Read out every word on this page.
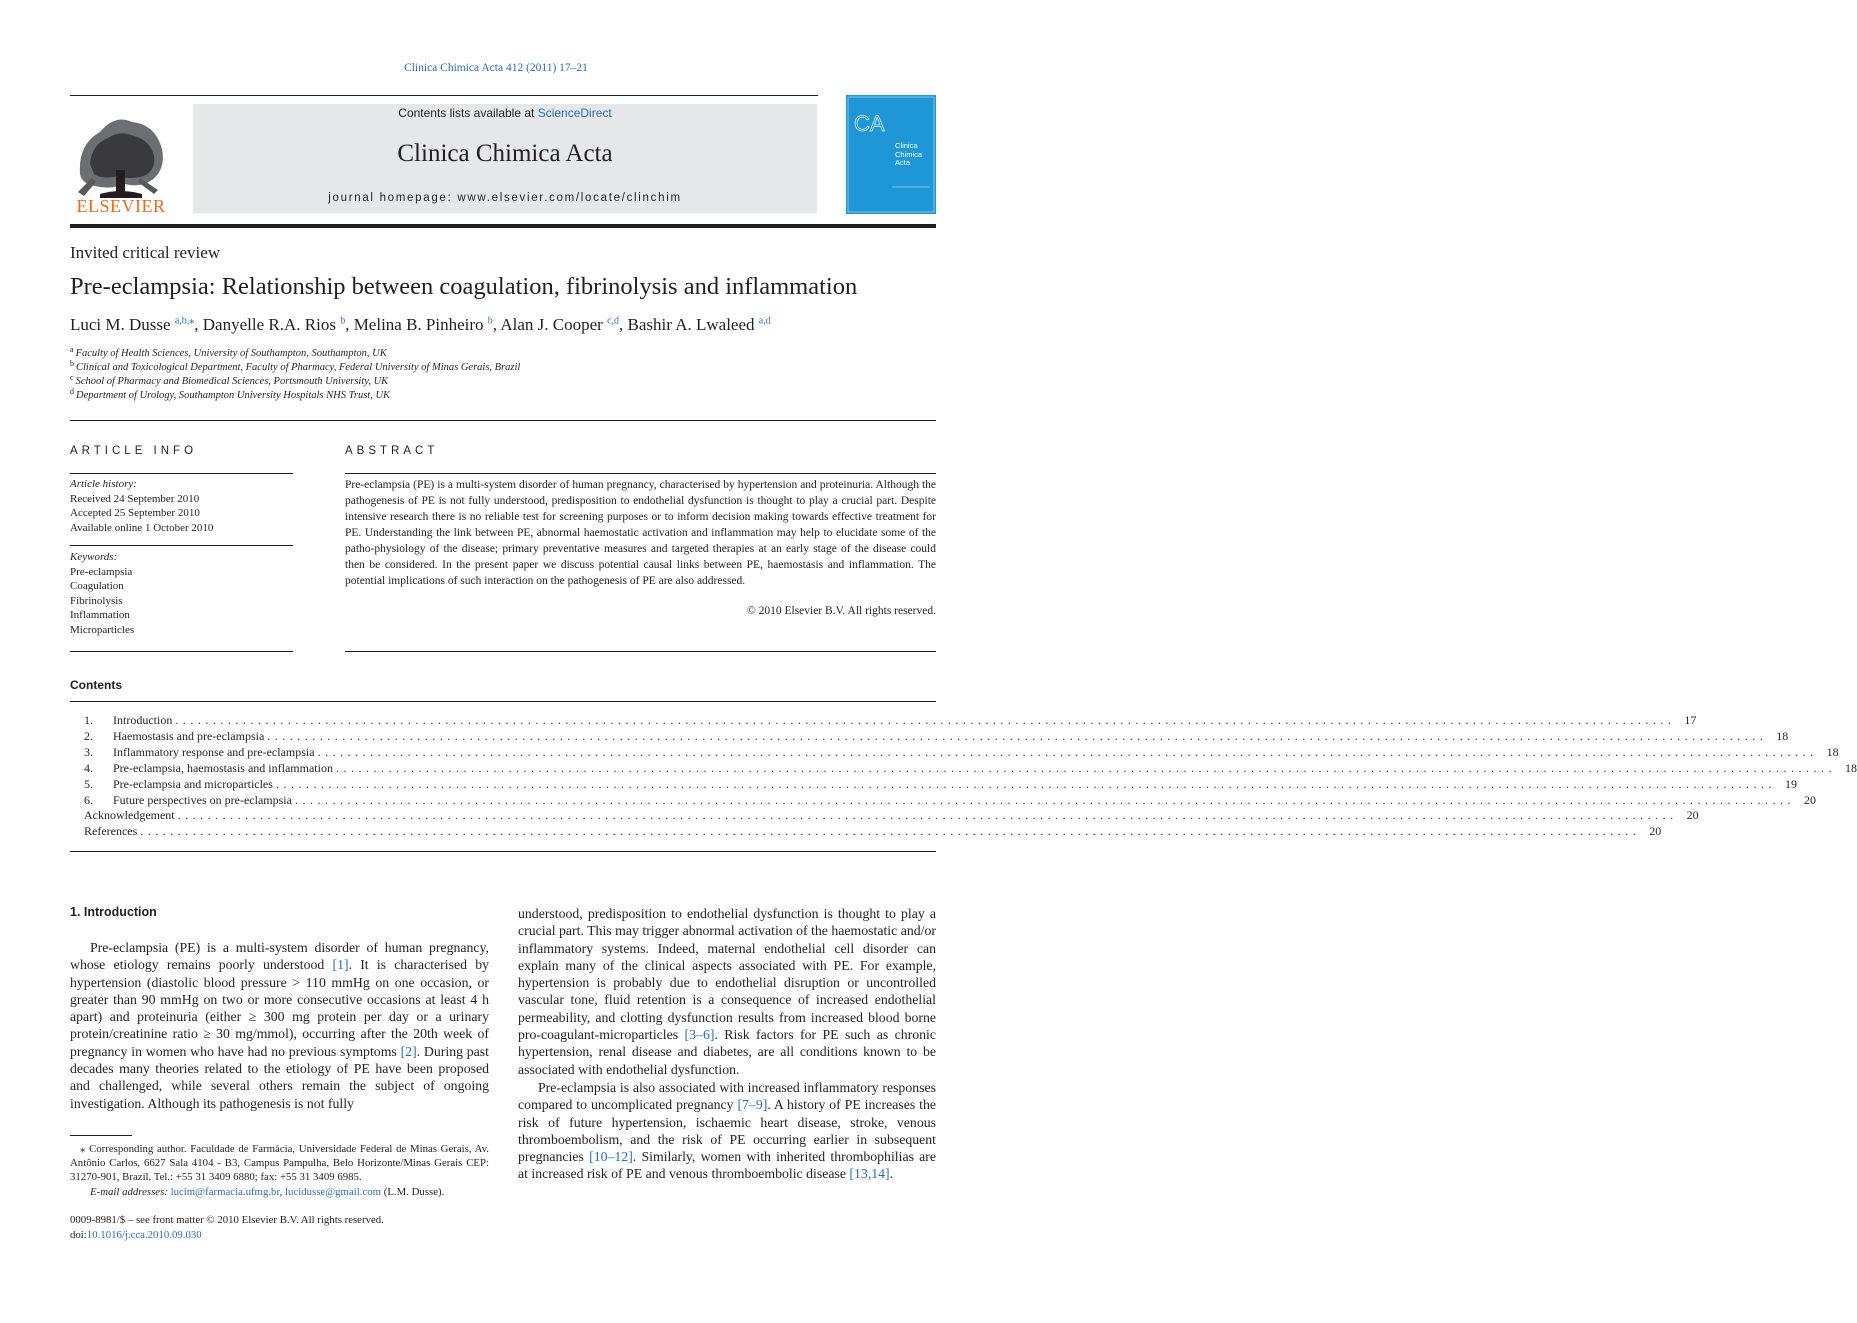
Clinica Chimica Acta 412 (2011) 17–21
ELSEVIER
Contents lists available at ScienceDirect
Clinica Chimica Acta
journal homepage: www.elsevier.com/locate/clinchim
CA
Clinica Chimica Acta
Invited critical review
Pre-eclampsia: Relationship between coagulation, fibrinolysis and inflammation
Luci M. Dusse $^{a,b,⁎}$, Danyelle R.A. Rios $^b$, Melina B. Pinheiro $^b$, Alan J. Cooper $^{c,d}$, Bashir A. Lwaleed $^{a,d}$
$^a$ Faculty of Health Sciences, University of Southampton, Southampton, UK
$^b$ Clinical and Toxicological Department, Faculty of Pharmacy, Federal University of Minas Gerais, Brazil
$^c$ School of Pharmacy and Biomedical Sciences, Portsmouth University, UK
$^d$ Department of Urology, Southampton University Hospitals NHS Trust, UK
ARTICLE INFO	ABSTRACT
Article history:
Received 24 September 2010
Accepted 25 September 2010
Available online 1 October 2010
Keywords:
Pre-eclampsia
Coagulation
Fibrinolysis
Inflammation
Microparticles
Pre-eclampsia (PE) is a multi-system disorder of human pregnancy, characterised by hypertension and proteinuria. Although the pathogenesis of PE is not fully understood, predisposition to endothelial dysfunction is thought to play a crucial part. Despite intensive research there is no reliable test for screening purposes or to inform decision making towards effective treatment for PE. Understanding the link between PE, abnormal haemostatic activation and inflammation may help to elucidate some of the patho-physiology of the disease; primary preventative measures and targeted therapies at an early stage of the disease could then be considered. In the present paper we discuss potential causal links between PE, haemostasis and inflammation. The potential implications of such interaction on the pathogenesis of PE are also addressed.
© 2010 Elsevier B.V. All rights reserved.
Contents
1.	Introduction ........................................................................................................................................................................................................ 17
2.	Haemostasis and pre-eclampsia ........................................................................................................................................................................................................ 18
3.	Inflammatory response and pre-eclampsia ........................................................................................................................................................................................................ 18
4.	Pre-eclampsia, haemostasis and inflammation ........................................................................................................................................................................................................ 18
5.	Pre-eclampsia and microparticles ........................................................................................................................................................................................................ 19
6.	Future perspectives on pre-eclampsia ........................................................................................................................................................................................................ 20
Acknowledgement ........................................................................................................................................................................................................ 20
References ........................................................................................................................................................................................................ 20
1. Introduction
Pre-eclampsia (PE) is a multi-system disorder of human pregnancy, whose etiology remains poorly understood [1]. It is characterised by hypertension (diastolic blood pressure > 110 mmHg on one occasion, or greater than 90 mmHg on two or more consecutive occasions at least 4 h apart) and proteinuria (either ≥ 300 mg protein per day or a urinary protein/creatinine ratio ≥ 30 mg/mmol), occurring after the 20th week of pregnancy in women who have had no previous symptoms [2]. During past decades many theories related to the etiology of PE have been proposed and challenged, while several others remain the subject of ongoing investigation. Although its pathogenesis is not fully
understood, predisposition to endothelial dysfunction is thought to play a crucial part. This may trigger abnormal activation of the haemostatic and/or inflammatory systems. Indeed, maternal endothelial cell disorder can explain many of the clinical aspects associated with PE. For example, hypertension is probably due to endothelial disruption or uncontrolled vascular tone, fluid retention is a consequence of increased endothelial permeability, and clotting dysfunction results from increased blood borne pro-coagulant-microparticles [3–6]. Risk factors for PE such as chronic hypertension, renal disease and diabetes, are all conditions known to be associated with endothelial dysfunction.
Pre-eclampsia is also associated with increased inflammatory responses compared to uncomplicated pregnancy [7–9]. A history of PE increases the risk of future hypertension, ischaemic heart disease, stroke, venous thromboembolism, and the risk of PE occurring earlier in subsequent pregnancies [10–12]. Similarly, women with inherited thrombophilias are at increased risk of PE and venous thromboembolic disease [13,14].
⁎ Corresponding author. Faculdade de Farmácia, Universidade Federal de Minas Gerais, Av. Antônio Carlos, 6627 Sala 4104 - B3, Campus Pampulha, Belo Horizonte/Minas Gerais CEP: 31270-901, Brazil. Tel.: +55 31 3409 6880; fax: +55 31 3409 6985.
E-mail addresses: lucim@farmacia.ufmg.br, lucidusse@gmail.com (L.M. Dusse).
0009-8981/$ – see front matter © 2010 Elsevier B.V. All rights reserved.
doi:10.1016/j.cca.2010.09.030
